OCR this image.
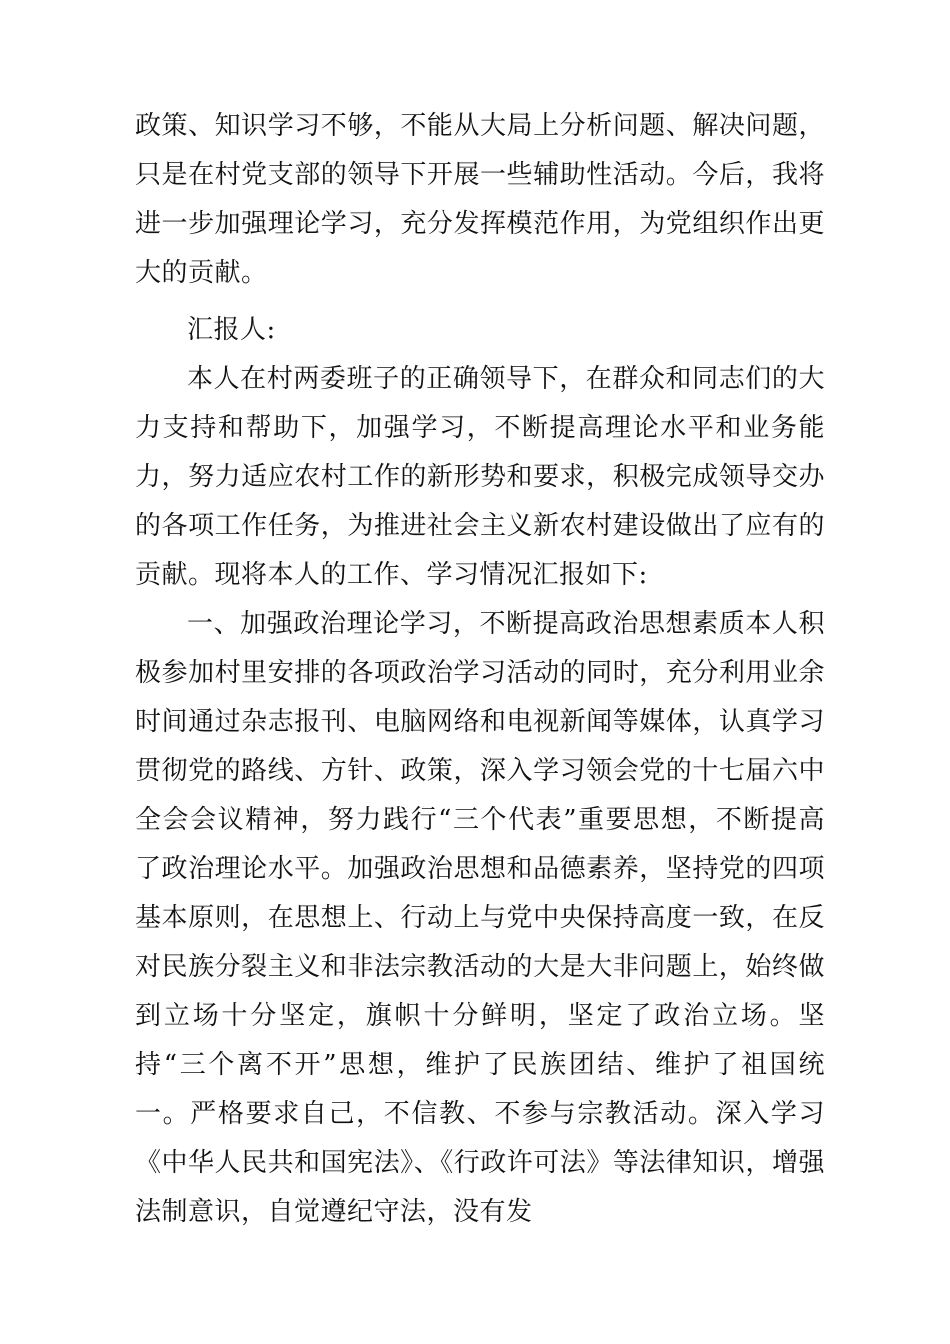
政策、知识学习不够，不能从大局上分析问题、解决问题，只是在村党支部的领导下开展一些辅助性活动。今后，我将进一步加强理论学习，充分发挥模范作用，为党组织作出更大的贡献。

汇报人:

本人在村两委班子的正确领导下，在群众和同志们的大力支持和帮助下，加强学习，不断提高理论水平和业务能力，努力适应农村工作的新形势和要求，积极完成领导交办的各项工作任务，为推进社会主义新农村建设做出了应有的贡献。现将本人的工作、学习情况汇报如下:

一、加强政治理论学习，不断提高政治思想素质本人积极参加村里安排的各项政治学习活动的同时，充分利用业余时间通过杂志报刊、电脑网络和电视新闻等媒体，认真学习贯彻党的路线、方针、政策，深入学习领会党的十七届六中全会会议精神，努力践行“三个代表”重要思想，不断提高了政治理论水平。加强政治思想和品德素养，坚持党的四项基本原则，在思想上、行动上与党中央保持高度一致，在反对民族分裂主义和非法宗教活动的大是大非问题上，始终做到立场十分坚定，旗帜十分鲜明，坚定了政治立场。坚持“三个离不开”思想，维护了民族团结、维护了祖国统一。严格要求自己，不信教、不参与宗教活动。深入学习《中华人民共和国宪法》、《行政许可法》等法律知识，增强法制意识，自觉遵纪守法，没有发
